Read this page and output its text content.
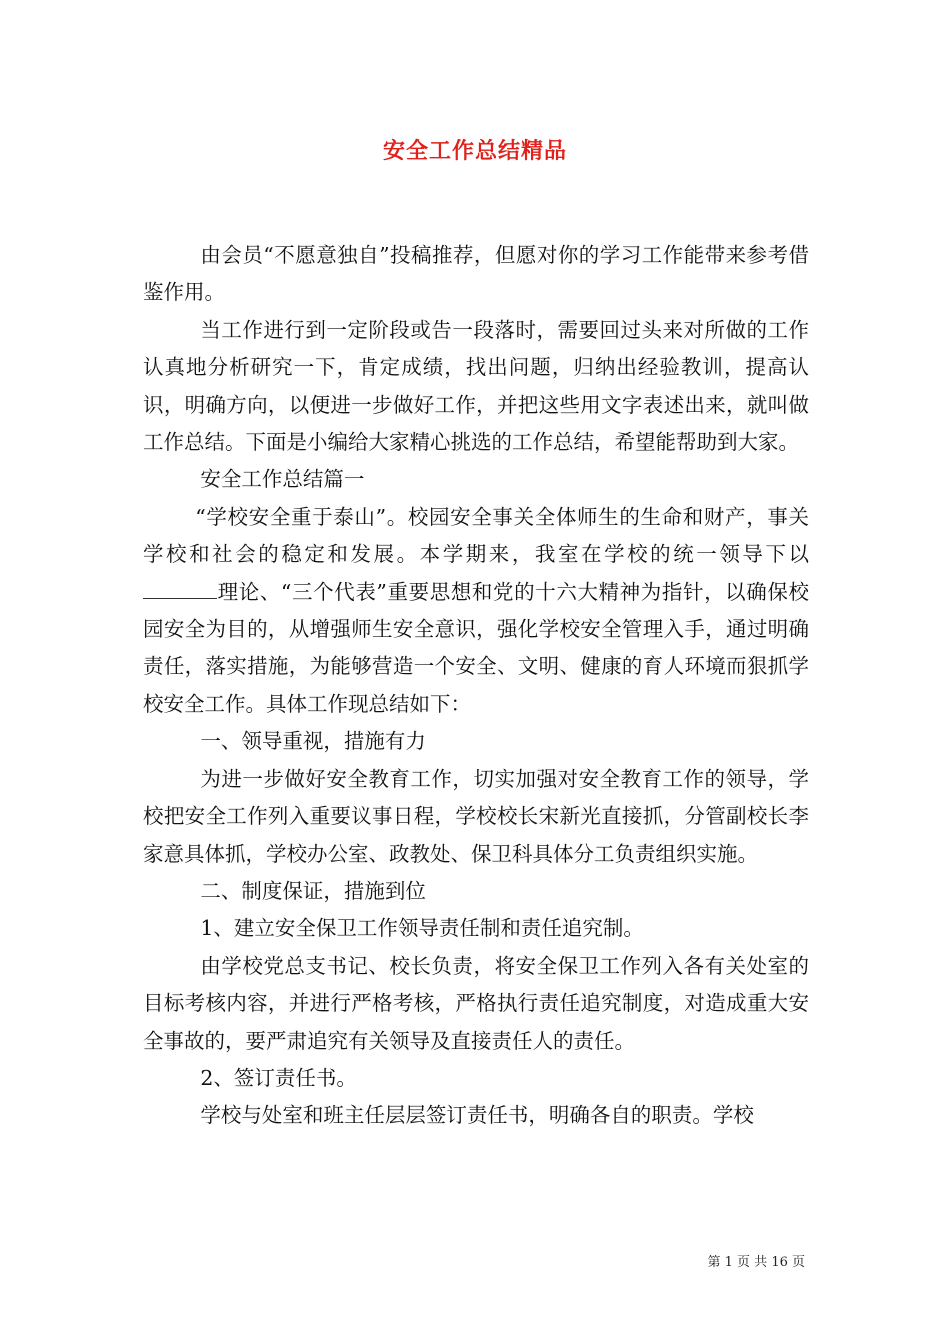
安全工作总结精品

由会员“不愿意独自”投稿推荐，但愿对你的学习工作能带来参考借鉴作用。

当工作进行到一定阶段或告一段落时，需要回过头来对所做的工作认真地分析研究一下，肯定成绩，找出问题，归纳出经验教训，提高认识，明确方向，以便进一步做好工作，并把这些用文字表述出来，就叫做工作总结。下面是小编给大家精心挑选的工作总结，希望能帮助到大家。

安全工作总结篇一

“学校安全重于泰山”。校园安全事关全体师生的生命和财产，事关学校和社会的稳定和发展。本学期来，我室在学校的统一领导下以理论、“三个代表”重要思想和党的十六大精神为指针，以确保校园安全为目的，从增强师生安全意识，强化学校安全管理入手，通过明确责任，落实措施，为能够营造一个安全、文明、健康的育人环境而狠抓学校安全工作。具体工作现总结如下：

一、领导重视，措施有力

为进一步做好安全教育工作，切实加强对安全教育工作的领导，学校把安全工作列入重要议事日程，学校校长宋新光直接抓，分管副校长李家意具体抓，学校办公室、政教处、保卫科具体分工负责组织实施。

二、制度保证，措施到位

1、建立安全保卫工作领导责任制和责任追究制。

由学校党总支书记、校长负责，将安全保卫工作列入各有关处室的目标考核内容，并进行严格考核，严格执行责任追究制度，对造成重大安全事故的，要严肃追究有关领导及直接责任人的责任。

2、签订责任书。

学校与处室和班主任层层签订责任书，明确各自的职责。学校

第 1 页 共 16 页
